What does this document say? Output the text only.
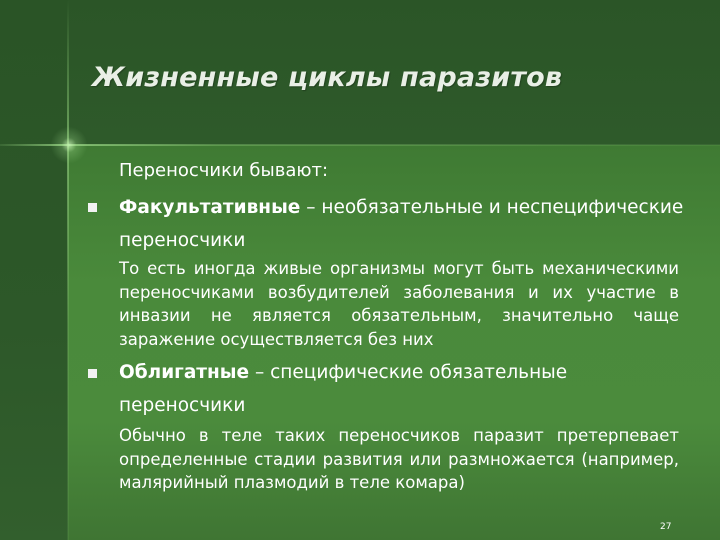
Жизненные циклы паразитов
Переносчики бывают:
Факультативные – необязательные и неспецифические переносчики
То есть иногда живые организмы могут быть механическими переносчиками возбудителей заболевания и их участие в инвазии не является обязательным, значительно чаще заражение осуществляется без них
Облигатные – специфические обязательные переносчики
Обычно в теле таких переносчиков паразит претерпевает определенные стадии развития или размножается (например, малярийный плазмодий в теле комара)
27
